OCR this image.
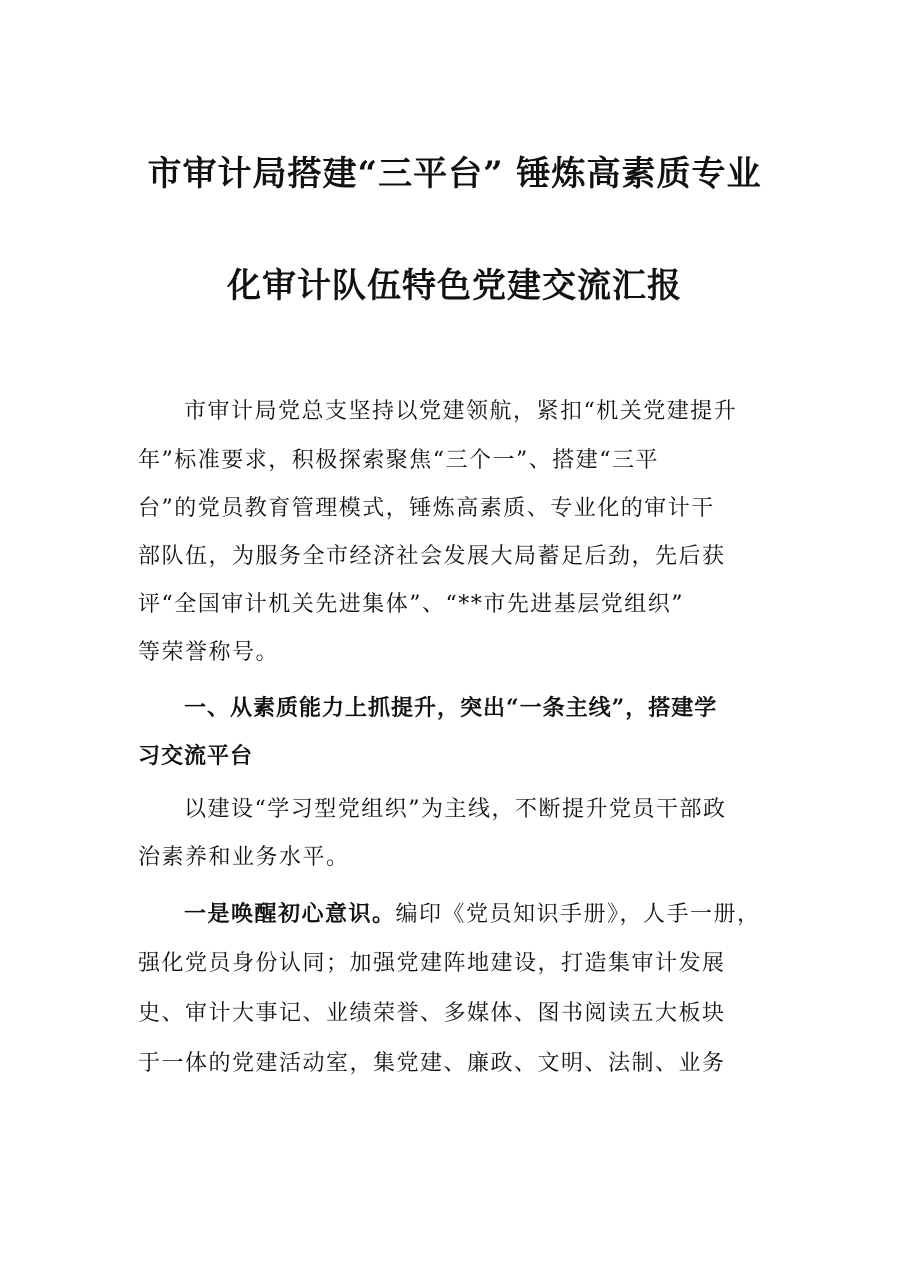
市审计局搭建“三平台” 锤炼高素质专业
化审计队伍特色党建交流汇报
市审计局党总支坚持以党建领航，紧扣“机关党建提升
年”标准要求，积极探索聚焦“三个一”、搭建“三平
台”的党员教育管理模式，锤炼高素质、专业化的审计干
部队伍，为服务全市经济社会发展大局蓄足后劲，先后获
评“全国审计机关先进集体”、“**市先进基层党组织”
等荣誉称号。
一、从素质能力上抓提升，突出“一条主线”，搭建学
习交流平台
以建设“学习型党组织”为主线，不断提升党员干部政
治素养和业务水平。
一是唤醒初心意识。编印《党员知识手册》，人手一册，
强化党员身份认同；加强党建阵地建设，打造集审计发展
史、审计大事记、业绩荣誉、多媒体、图书阅读五大板块
于一体的党建活动室，集党建、廉政、文明、法制、业务
